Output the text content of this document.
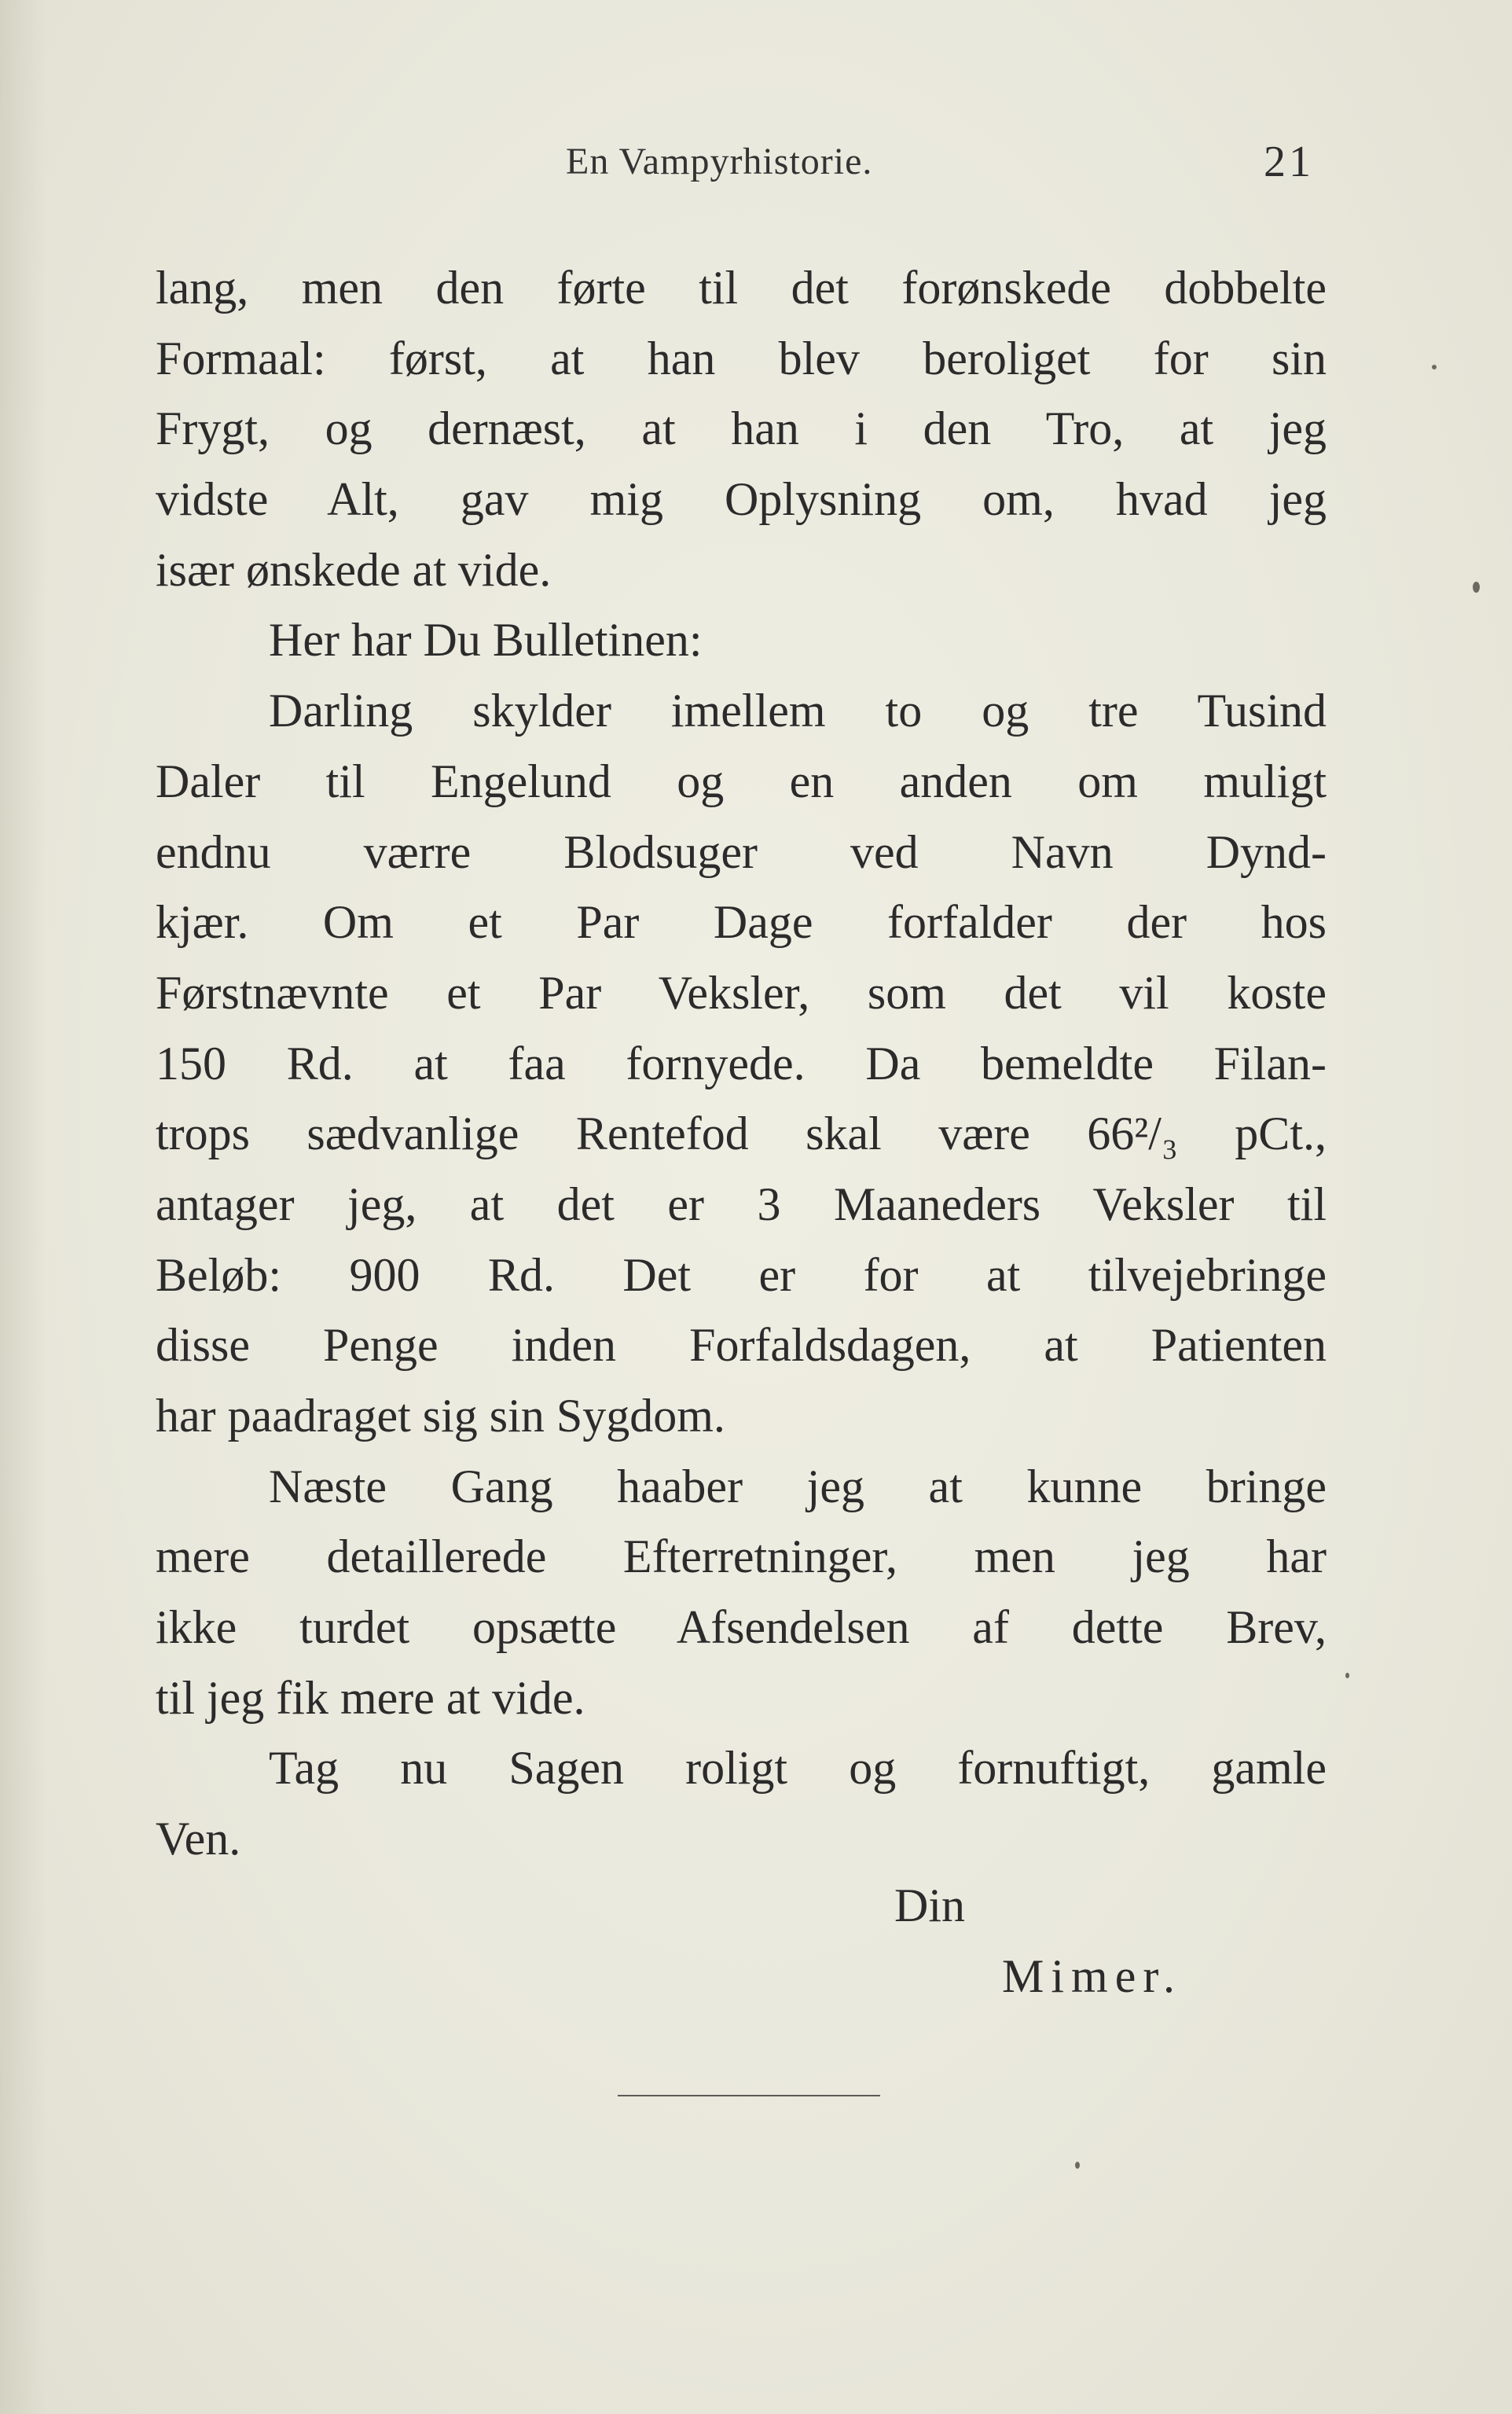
En Vampyrhistorie.	21
lang, men den førte til det forønskede dobbelte
Formaal: først, at han blev beroliget for sin
Frygt, og dernæst, at han i den Tro, at jeg
vidste Alt, gav mig Oplysning om, hvad jeg
især ønskede at vide.
Her har Du Bulletinen:
Darling skylder imellem to og tre Tusind
Daler til Engelund og en anden om muligt
endnu værre Blodsuger ved Navn Dynd-
kjær. Om et Par Dage forfalder der hos
Førstnævnte et Par Veksler, som det vil koste
150 Rd. at faa fornyede. Da bemeldte Filan-
trops sædvanlige Rentefod skal være 66²/₃ pCt.,
antager jeg, at det er 3 Maaneders Veksler til
Beløb: 900 Rd. Det er for at tilvejebringe
disse Penge inden Forfaldsdagen, at Patienten
har paadraget sig sin Sygdom.
Næste Gang haaber jeg at kunne bringe
mere detaillerede Efterretninger, men jeg har
ikke turdet opsætte Afsendelsen af dette Brev,
til jeg fik mere at vide.
Tag nu Sagen roligt og fornuftigt, gamle
Ven.
Din
Mimer.
